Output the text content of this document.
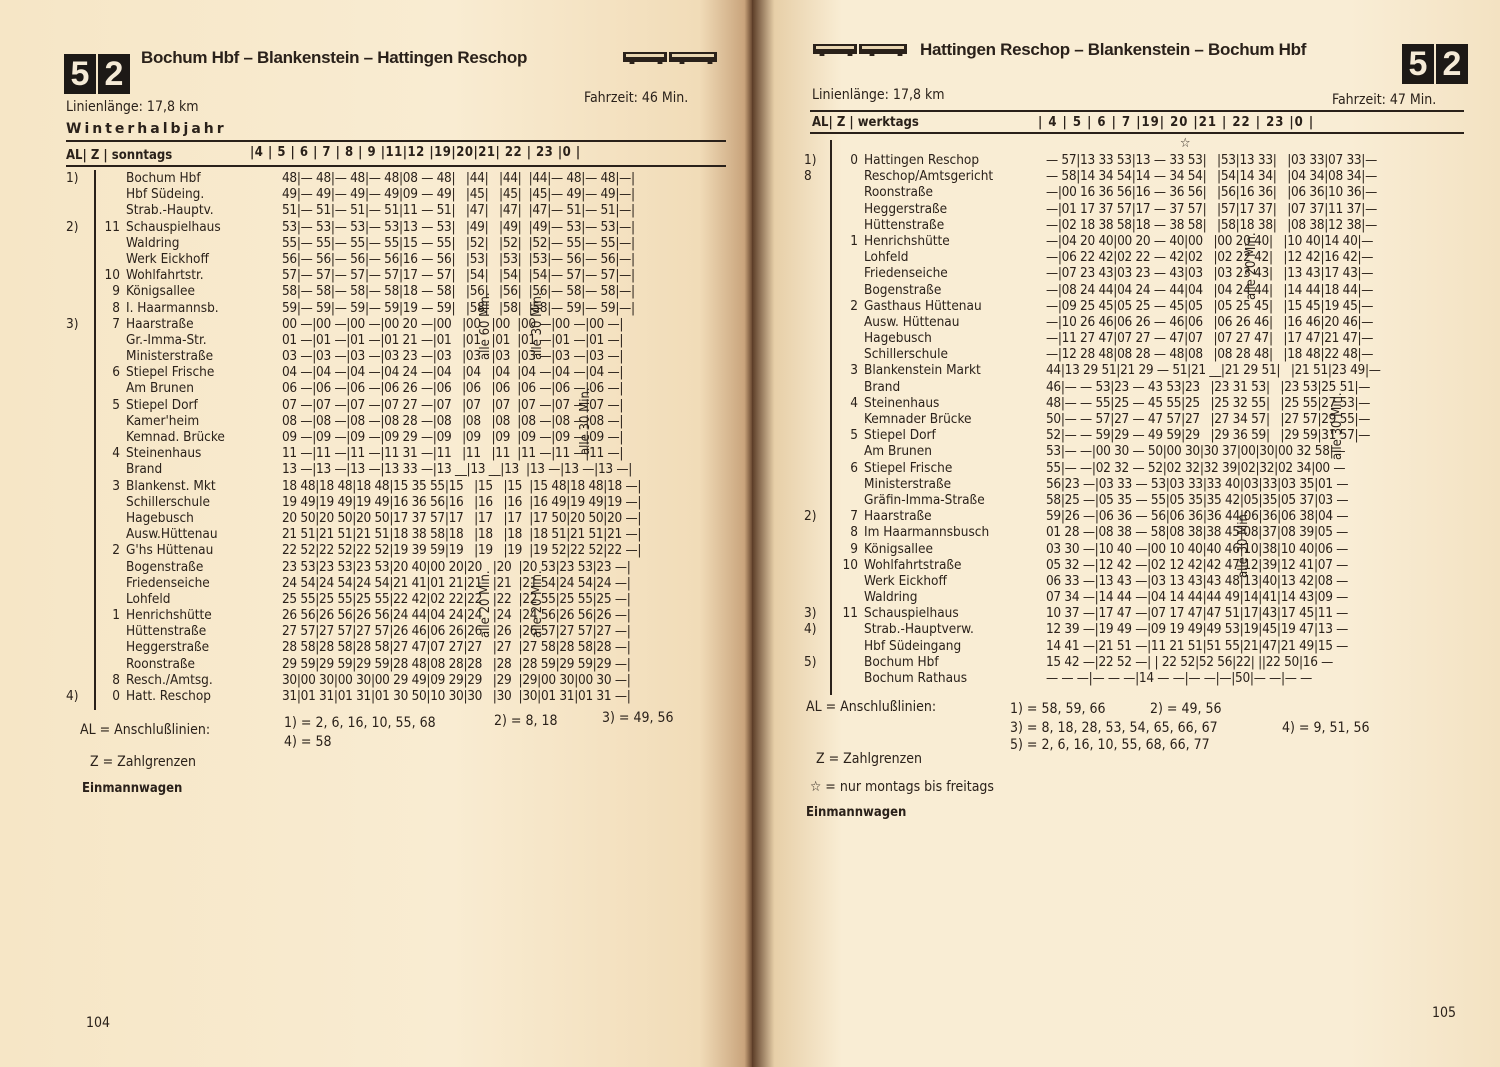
5 2	Bochum Hbf – Blankenstein – Hattingen Reschop
Linienlänge: 17,8 km
Fahrzeit: 46 Min.
Winterhalbjahr
AL| Z | sonntags	|4 | 5 | 6 | 7 | 8 | 9 |11|12 |19|20|21| 22 | 23 |0 |
1)	Bochum Hbf	48|— 48|— 48|— 48|08 — 48|   |44|   |44|  |44|— 48|— 48|—|
Hbf Südeing.	49|— 49|— 49|— 49|09 — 49|   |45|   |45|  |45|— 49|— 49|—|
Strab.-Hauptv.	51|— 51|— 51|— 51|11 — 51|   |47|   |47|  |47|— 51|— 51|—|
2)	11 Schauspielhaus	53|— 53|— 53|— 53|13 — 53|   |49|   |49|  |49|— 53|— 53|—|
Waldring	55|— 55|— 55|— 55|15 — 55|   |52|   |52|  |52|— 55|— 55|—|
Werk Eickhoff	56|— 56|— 56|— 56|16 — 56|   |53|   |53|  |53|— 56|— 56|—|
10 Wohlfahrtstr.	57|— 57|— 57|— 57|17 — 57|   |54|   |54|  |54|— 57|— 57|—|
9 Königsallee	58|— 58|— 58|— 58|18 — 58|   |56|   |56|  |56|— 58|— 58|—|
8 I. Haarmannsb.	59|— 59|— 59|— 59|19 — 59|   |58|   |58|  |58|— 59|— 59|—|
3)	7 Haarstraße	00 —|00 —|00 —|00 20 —|00   |00   |00  |00 —|00 —|00 —|
Gr.-Imma-Str.	01 —|01 —|01 —|01 21 —|01   |01   |01  |01 —|01 —|01 —|
Ministerstraße	03 —|03 —|03 —|03 23 —|03   |03   |03  |03 —|03 —|03 —|
6 Stiepel Frische	04 —|04 —|04 —|04 24 —|04   |04   |04  |04 —|04 —|04 —|
Am Brunen	06 —|06 —|06 —|06 26 —|06   |06   |06  |06 —|06 —|06 —|
5 Stiepel Dorf	07 —|07 —|07 —|07 27 —|07   |07   |07  |07 —|07 —|07 —|
Kamer'heim	08 —|08 —|08 —|08 28 —|08   |08   |08  |08 —|08 —|08 —|
Kemnad. Brücke	09 —|09 —|09 —|09 29 —|09   |09   |09  |09 —|09 —|09 —|
4 Steinenhaus	11 —|11 —|11 —|11 31 —|11   |11   |11  |11 —|11 —|11 —|
Brand	13 —|13 —|13 —|13 33 —|13 __|13 __|13  |13 —|13 —|13 —|
3 Blankenst. Mkt	18 48|18 48|18 48|15 35 55|15   |15   |15  |15 48|18 48|18 —|
Schillerschule	19 49|19 49|19 49|16 36 56|16   |16   |16  |16 49|19 49|19 —|
Hagebusch	20 50|20 50|20 50|17 37 57|17   |17   |17  |17 50|20 50|20 —|
Ausw.Hüttenau	21 51|21 51|21 51|18 38 58|18   |18   |18  |18 51|21 51|21 —|
2 G'hs Hüttenau	22 52|22 52|22 52|19 39 59|19   |19   |19  |19 52|22 52|22 —|
Bogenstraße	23 53|23 53|23 53|20 40|00 20|20   |20  |20 53|23 53|23 —|
Friedenseiche	24 54|24 54|24 54|21 41|01 21|21   |21  |21 54|24 54|24 —|
Lohfeld	25 55|25 55|25 55|22 42|02 22|22   |22  |22 55|25 55|25 —|
1 Henrichshütte	26 56|26 56|26 56|24 44|04 24|24   |24  |24 56|26 56|26 —|
Hüttenstraße	27 57|27 57|27 57|26 46|06 26|26   |26  |26 57|27 57|27 —|
Heggerstraße	28 58|28 58|28 58|27 47|07 27|27   |27  |27 58|28 58|28 —|
Roonstraße	29 59|29 59|29 59|28 48|08 28|28   |28  |28 59|29 59|29 —|
8 Resch./Amtsg.	30|00 30|00 30|00 29 49|09 29|29   |29  |29|00 30|00 30 —|
4)	0 Hatt. Reschop	31|01 31|01 31|01 30 50|10 30|30   |30  |30|01 31|01 31 —|
alle 60 Min.	alle 30 Min.
alle 30 Min.
alle 20 Min.	alle 20 Min.
AL = Anschlußlinien:	1) = 2, 6, 16, 10, 55, 68	2) = 8, 18	3) = 49, 56
4) = 58
Z = Zahlgrenzen
Einmannwagen
104
Hattingen Reschop – Blankenstein – Bochum Hbf	5 2
Linienlänge: 17,8 km	Fahrzeit: 47 Min.
AL| Z | werktags	| 4 | 5 | 6 | 7 |19| 20 |21 | 22 | 23 |0 |
☆
1)	0 Hattingen Reschop	— 57|13 33 53|13 — 33 53|   |53|13 33|   |03 33|07 33|—
8	Reschop/Amtsgericht	— 58|14 34 54|14 — 34 54|   |54|14 34|   |04 34|08 34|—
Roonstraße	—|00 16 36 56|16 — 36 56|   |56|16 36|   |06 36|10 36|—
Heggerstraße	—|01 17 37 57|17 — 37 57|   |57|17 37|   |07 37|11 37|—
Hüttenstraße	—|02 18 38 58|18 — 38 58|   |58|18 38|   |08 38|12 38|—
1 Henrichshütte	—|04 20 40|00 20 — 40|00   |00 20 40|   |10 40|14 40|—
Lohfeld	—|06 22 42|02 22 — 42|02   |02 22 42|   |12 42|16 42|—
Friedenseiche	—|07 23 43|03 23 — 43|03   |03 23 43|   |13 43|17 43|—
Bogenstraße	—|08 24 44|04 24 — 44|04   |04 24 44|   |14 44|18 44|—
2 Gasthaus Hüttenau	—|09 25 45|05 25 — 45|05   |05 25 45|   |15 45|19 45|—
Ausw. Hüttenau	—|10 26 46|06 26 — 46|06   |06 26 46|   |16 46|20 46|—
Hagebusch	—|11 27 47|07 27 — 47|07   |07 27 47|   |17 47|21 47|—
Schillerschule	—|12 28 48|08 28 — 48|08   |08 28 48|   |18 48|22 48|—
3 Blankenstein Markt	44|13 29 51|21 29 — 51|21 __|21 29 51|   |21 51|23 49|—
Brand	46|— — 53|23 — 43 53|23   |23 31 53|   |23 53|25 51|—
4 Steinenhaus	48|— — 55|25 — 45 55|25   |25 32 55|   |25 55|27 53|—
Kemnader Brücke	50|— — 57|27 — 47 57|27   |27 34 57|   |27 57|29 55|—
5 Stiepel Dorf	52|— — 59|29 — 49 59|29   |29 36 59|   |29 59|31 57|—
Am Brunen	53|— —|00 30 — 50|00 30|30 37|00|30|00 32 58|—
6 Stiepel Frische	55|— —|02 32 — 52|02 32|32 39|02|32|02 34|00 —
Ministerstraße	56|23 —|03 33 — 53|03 33|33 40|03|33|03 35|01 —
Gräfin-Imma-Straße	58|25 —|05 35 — 55|05 35|35 42|05|35|05 37|03 —
2)	7 Haarstraße	59|26 —|06 36 — 56|06 36|36 44|06|36|06 38|04 —
8 Im Haarmannsbusch	01 28 —|08 38 — 58|08 38|38 45|08|37|08 39|05 —
9 Königsallee	03 30 —|10 40 —|00 10 40|40 46|10|38|10 40|06 —
10 Wohlfahrtstraße	05 32 —|12 42 —|02 12 42|42 47|12|39|12 41|07 —
Werk Eickhoff	06 33 —|13 43 —|03 13 43|43 48|13|40|13 42|08 —
Waldring	07 34 —|14 44 —|04 14 44|44 49|14|41|14 43|09 —
3)	11 Schauspielhaus	10 37 —|17 47 —|07 17 47|47 51|17|43|17 45|11 —
4)	Strab.-Hauptverw.	12 39 —|19 49 —|09 19 49|49 53|19|45|19 47|13 —
Hbf Südeingang	14 41 —|21 51 —|11 21 51|51 55|21|47|21 49|15 —
5)	Bochum Hbf	15 42 —|22 52 —| | 22 52|52 56|22| ||22 50|16 —
Bochum Rathaus	— — —|— — —|14 — —|— —|—|50|— —|— —
alle 20 Min.
alle 30 Min.
alle 30 Min.
AL = Anschlußlinien:	1) = 58, 59, 66	2) = 49, 56
3) = 8, 18, 28, 53, 54, 65, 66, 67	4) = 9, 51, 56
5) = 2, 6, 16, 10, 55, 68, 66, 77
Z = Zahlgrenzen
☆ = nur montags bis freitags
Einmannwagen
105
